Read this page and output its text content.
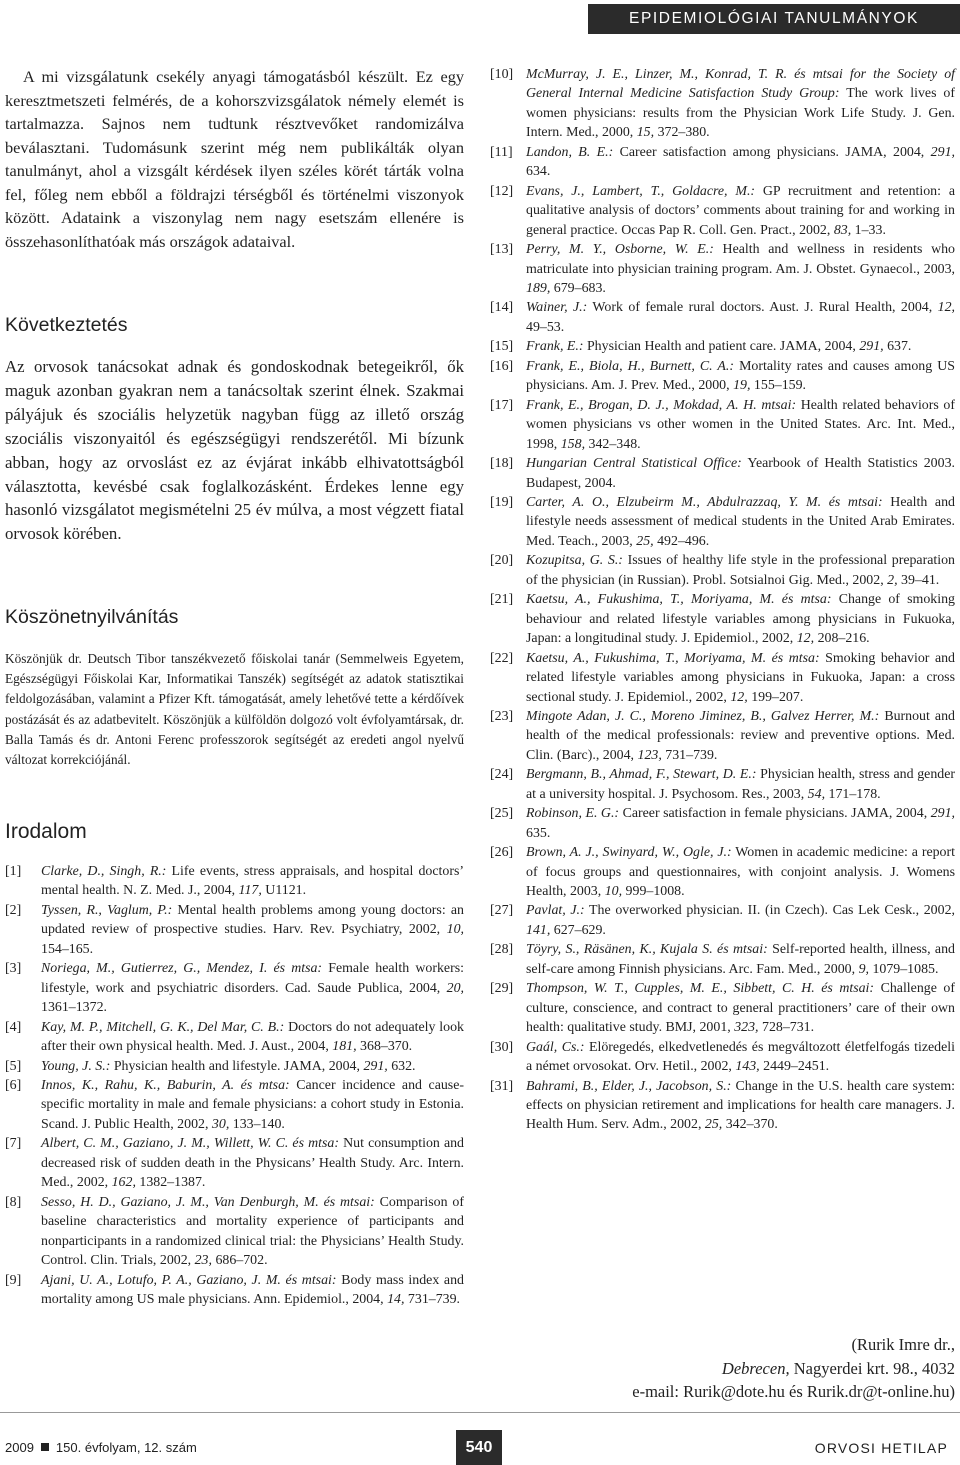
EPIDEMIOLÓGIAI TANULMÁNYOK

A mi vizsgálatunk csekély anyagi támogatásból készült. Ez egy keresztmetszeti felmérés, de a kohorszvizsgálatok némely elemét is tartalmazza. Sajnos nem tudtunk résztvevőket randomizálva beválasztani. Tudomásunk szerint még nem publikálták olyan tanulmányt, ahol a vizsgált kérdések ilyen széles körét tárták volna fel, főleg nem ebből a földrajzi térségből és történelmi viszonyok között. Adataink a viszonylag nem nagy esetszám ellenére is összehasonlíthatóak más országok adataival.

Következtetés

Az orvosok tanácsokat adnak és gondoskodnak betegeikről, ők maguk azonban gyakran nem a tanácsoltak szerint élnek. Szakmai pályájuk és szociális helyzetük nagyban függ az illető ország szociális viszonyaitól és egészségügyi rendszerétől. Mi bízunk abban, hogy az orvoslást ez az évjárat inkább elhivatottságból választotta, kevésbé csak foglalkozásként. Érdekes lenne egy hasonló vizsgálatot megismételni 25 év múlva, a most végzett fiatal orvosok körében.

Köszönetnyilvánítás

Köszönjük dr. Deutsch Tibor tanszékvezető főiskolai tanár (Semmelweis Egyetem, Egészségügyi Főiskolai Kar, Informatikai Tanszék) segítségét az adatok statisztikai feldolgozásában, valamint a Pfizer Kft. támogatását, amely lehetővé tette a kérdőívek postázását és az adatbevitelt. Köszönjük a külföldön dolgozó volt évfolyamtársak, dr. Balla Tamás és dr. Antoni Ferenc professzorok segítségét az eredeti angol nyelvű változat korrekciójánál.

Irodalom
[1]	Clarke, D., Singh, R.: Life events, stress appraisals, and hospital doctors’ mental health. N. Z. Med. J., 2004, 117, U1121.
[2]	Tyssen, R., Vaglum, P.: Mental health problems among young doctors: an updated review of prospective studies. Harv. Rev. Psychiatry, 2002, 10, 154–165.
[3]	Noriega, M., Gutierrez, G., Mendez, I. és mtsa: Female health workers: lifestyle, work and psychiatric disorders. Cad. Saude Publica, 2004, 20, 1361–1372.
[4]	Kay, M. P., Mitchell, G. K., Del Mar, C. B.: Doctors do not adequately look after their own physical health. Med. J. Aust., 2004, 181, 368–370.
[5]	Young, J. S.: Physician health and lifestyle. JAMA, 2004, 291, 632.
[6]	Innos, K., Rahu, K., Baburin, A. és mtsa: Cancer incidence and cause-specific mortality in male and female physicians: a cohort study in Estonia. Scand. J. Public Health, 2002, 30, 133–140.
[7]	Albert, C. M., Gaziano, J. M., Willett, W. C. és mtsa: Nut consumption and decreased risk of sudden death in the Physicans’ Health Study. Arc. Intern. Med., 2002, 162, 1382–1387.
[8]	Sesso, H. D., Gaziano, J. M., Van Denburgh, M. és mtsai: Comparison of baseline characteristics and mortality experience of participants and nonparticipants in a randomized clinical trial: the Physicians’ Health Study. Control. Clin. Trials, 2002, 23, 686–702.
[9]	Ajani, U. A., Lotufo, P. A., Gaziano, J. M. és mtsai: Body mass index and mortality among US male physicians. Ann. Epidemiol., 2004, 14, 731–739.
[10] McMurray, J. E., Linzer, M., Konrad, T. R. és mtsai for the Society of General Internal Medicine Satisfaction Study Group: The work lives of women physicians: results from the Physician Work Life Study. J. Gen. Intern. Med., 2000, 15, 372–380.
[11] Landon, B. E.: Career satisfaction among physicians. JAMA, 2004, 291, 634.
[12] Evans, J., Lambert, T., Goldacre, M.: GP recruitment and retention: a qualitative analysis of doctors’ comments about training for and working in general practice. Occas Pap R. Coll. Gen. Pract., 2002, 83, 1–33.
[13] Perry, M. Y., Osborne, W. E.: Health and wellness in residents who matriculate into physician training program. Am. J. Obstet. Gynaecol., 2003, 189, 679–683.
[14] Wainer, J.: Work of female rural doctors. Aust. J. Rural Health, 2004, 12, 49–53.
[15] Frank, E.: Physician Health and patient care. JAMA, 2004, 291, 637.
[16] Frank, E., Biola, H., Burnett, C. A.: Mortality rates and causes among US physicians. Am. J. Prev. Med., 2000, 19, 155–159.
[17] Frank, E., Brogan, D. J., Mokdad, A. H. mtsai: Health related behaviors of women physicians vs other women in the United States. Arc. Int. Med., 1998, 158, 342–348.
[18] Hungarian Central Statistical Office: Yearbook of Health Statistics 2003. Budapest, 2004.
[19] Carter, A. O., Elzubeirm M., Abdulrazzaq, Y. M. és mtsai: Health and lifestyle needs assessment of medical students in the United Arab Emirates. Med. Teach., 2003, 25, 492–496.
[20] Kozupitsa, G. S.: Issues of healthy life style in the professional preparation of the physician (in Russian). Probl. Sotsialnoi Gig. Med., 2002, 2, 39–41.
[21] Kaetsu, A., Fukushima, T., Moriyama, M. és mtsa: Change of smoking behaviour and related lifestyle variables among physicians in Fukuoka, Japan: a longitudinal study. J. Epidemiol., 2002, 12, 208–216.
[22] Kaetsu, A., Fukushima, T., Moriyama, M. és mtsa: Smoking behavior and related lifestyle variables among physicians in Fukuoka, Japan: a cross sectional study. J. Epidemiol., 2002, 12, 199–207.
[23] Mingote Adan, J. C., Moreno Jiminez, B., Galvez Herrer, M.: Burnout and health of the medical professionals: review and preventive options. Med. Clin. (Barc)., 2004, 123, 731–739.
[24] Bergmann, B., Ahmad, F., Stewart, D. E.: Physician health, stress and gender at a university hospital. J. Psychosom. Res., 2003, 54, 171–178.
[25] Robinson, E. G.: Career satisfaction in female physicians. JAMA, 2004, 291, 635.
[26] Brown, A. J., Swinyard, W., Ogle, J.: Women in academic medicine: a report of focus groups and questionnaires, with conjoint analysis. J. Womens Health, 2003, 10, 999–1008.
[27] Pavlat, J.: The overworked physician. II. (in Czech). Cas Lek Cesk., 2002, 141, 627–629.
[28] Töyry, S., Räsänen, K., Kujala S. és mtsai: Self-reported health, illness, and self-care among Finnish physicians. Arc. Fam. Med., 2000, 9, 1079–1085.
[29] Thompson, W. T., Cupples, M. E., Sibbett, C. H. és mtsai: Challenge of culture, conscience, and contract to general practitioners’ care of their own health: qualitative study. BMJ, 2001, 323, 728–731.
[30] Gaál, Cs.: Elöregedés, elkedvetlenedés és megváltozott életfelfogás tizedeli a német orvosokat. Orv. Hetil., 2002, 143, 2449–2451.
[31] Bahrami, B., Elder, J., Jacobson, S.: Change in the U.S. health care system: effects on physician retirement and implications for health care managers. J. Health Hum. Serv. Adm., 2002, 25, 342–370.
(Rurik Imre dr.,
Debrecen, Nagyerdei krt. 98., 4032
e-mail: Rurik@dote.hu és Rurik.dr@t-online.hu)
2009 150. évfolyam, 12. szám	540	ORVOSI HETILAP
